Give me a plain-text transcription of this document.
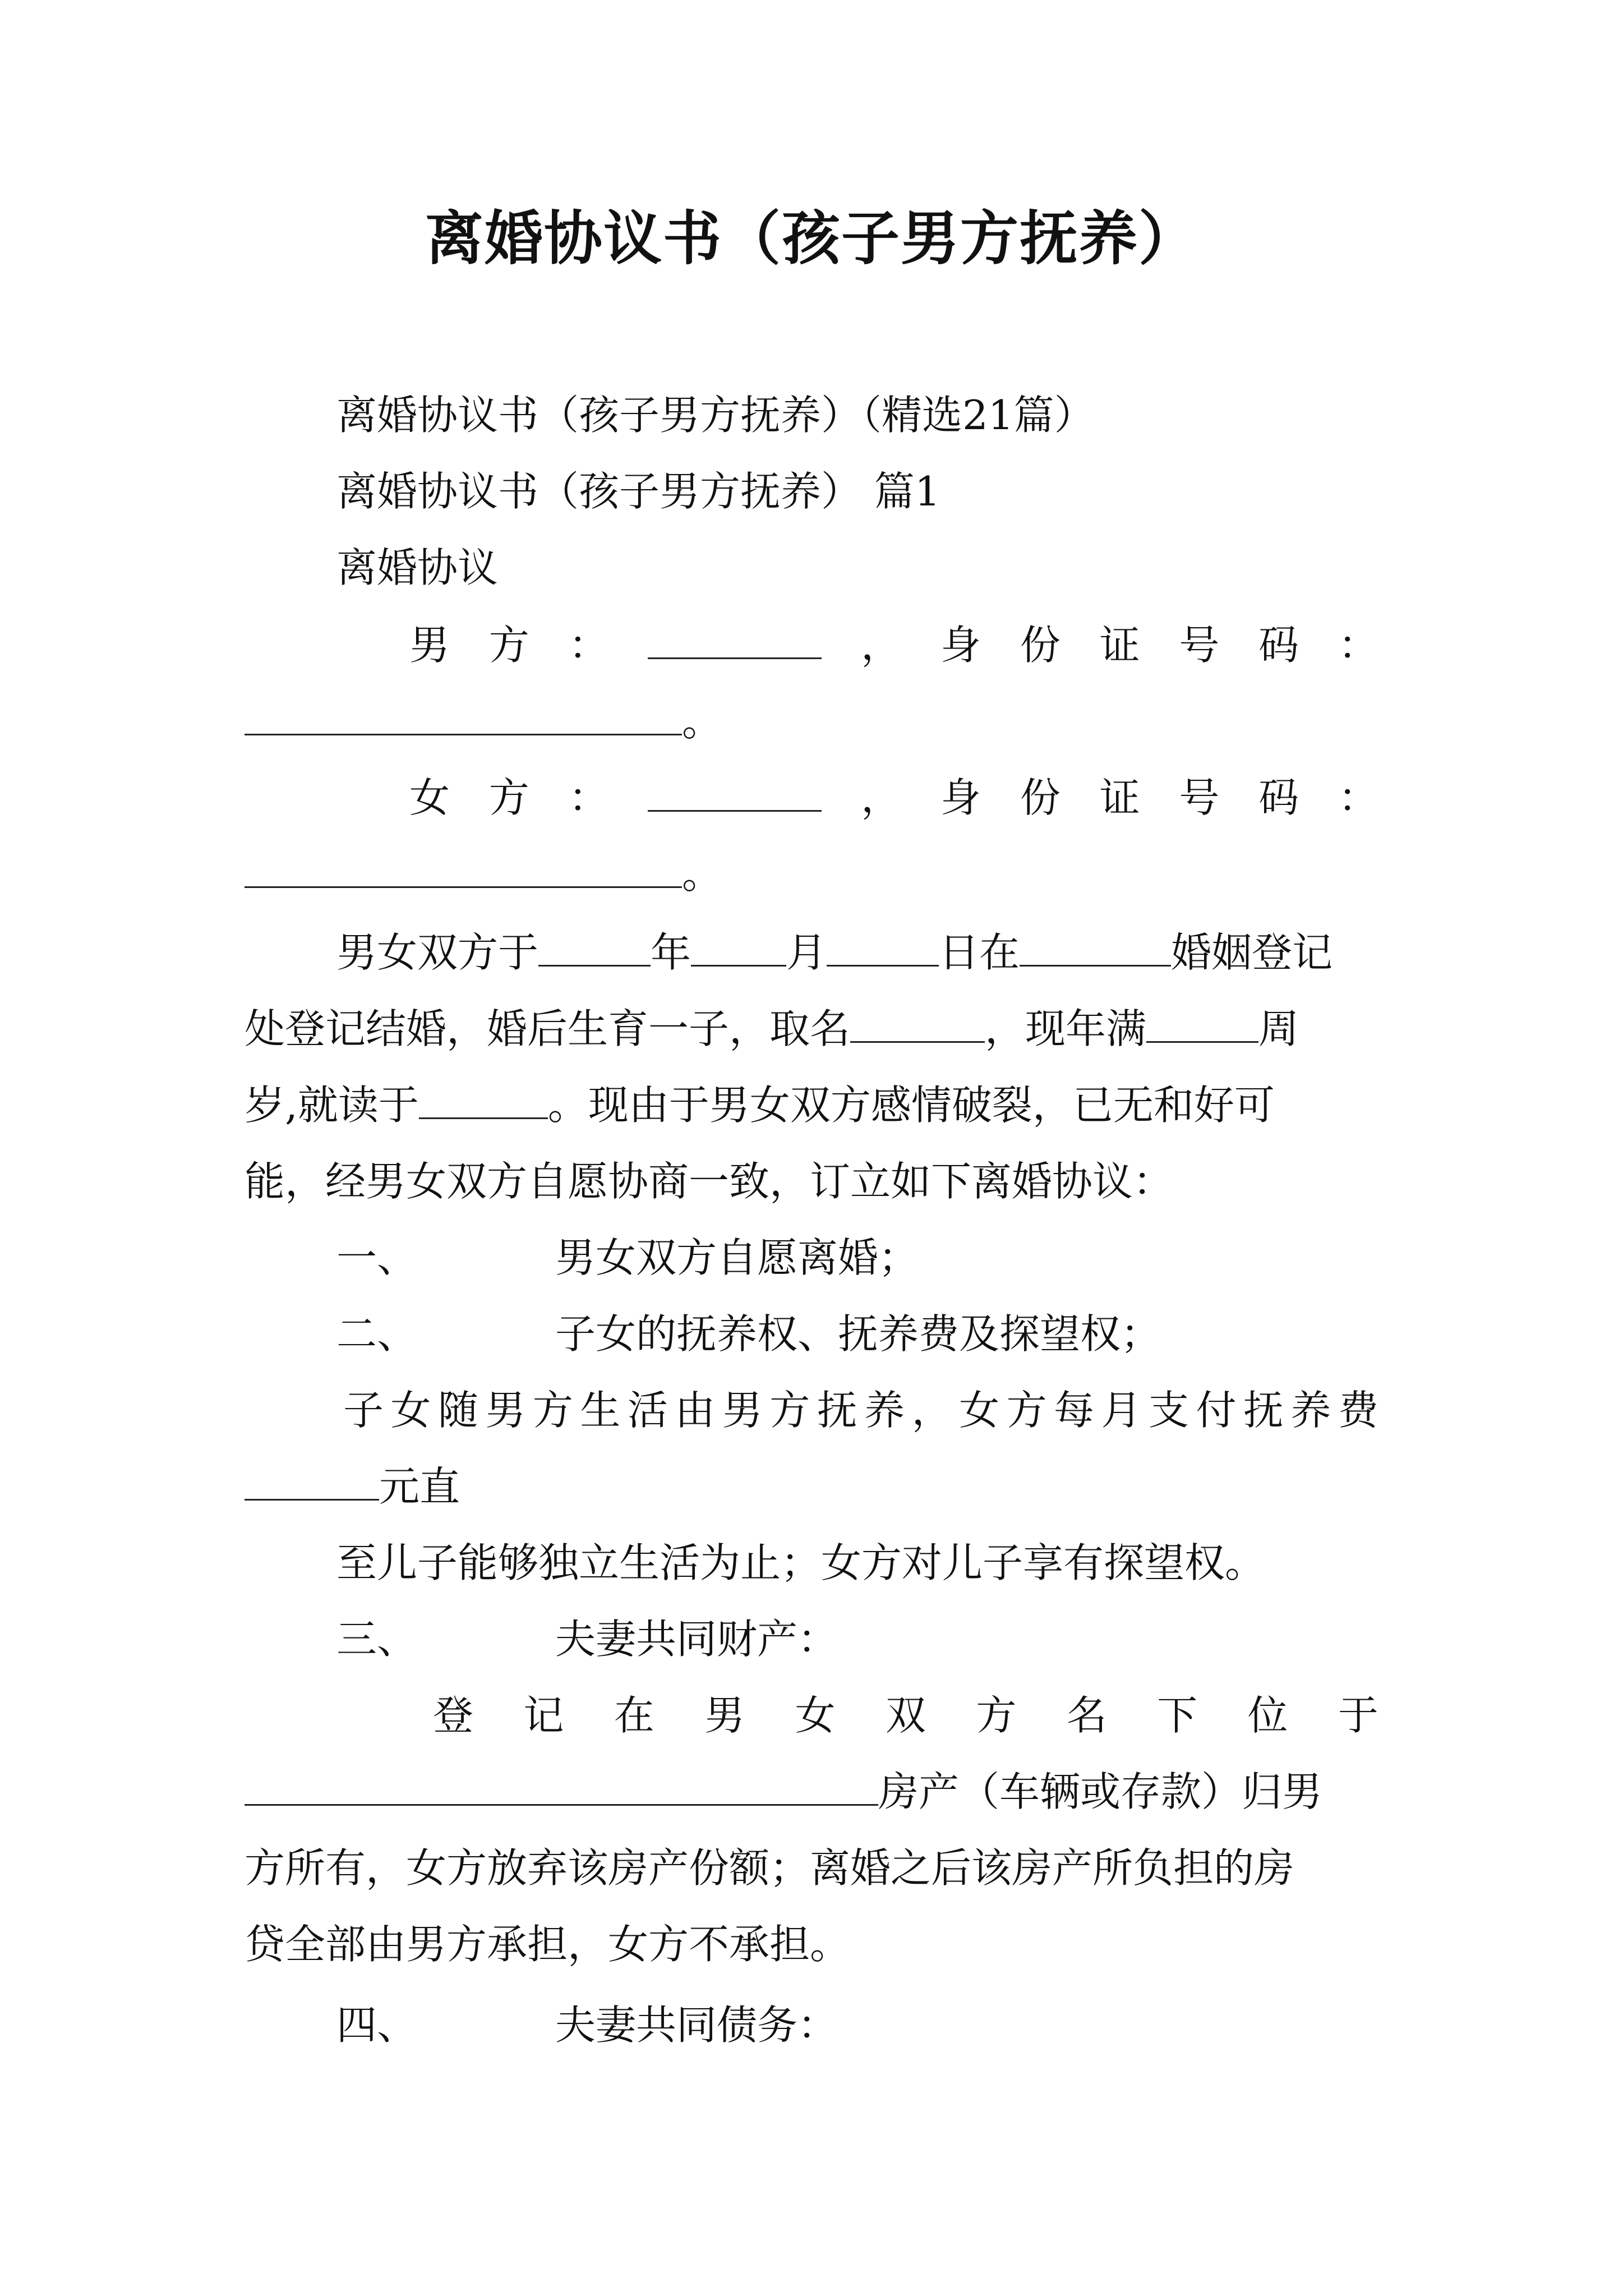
离婚协议书（孩子男方抚养）
离婚协议书（孩子男方抚养）（精选21篇）
离婚协议书（孩子男方抚养） 篇1
离婚协议
男 方 ：	， 身 份 证 号 码 ：
。
女 方 ：	， 身 份 证 号 码 ：
。
男女双方于	年 月	日在	婚姻登记
处登记结婚，婚后生育一子，取名	，现年满	周
岁,就读于	。现由于男女双方感情破裂，已无和好可
能，经男女双方自愿协商一致，订立如下离婚协议：
一、	男女双方自愿离婚；
二、	子女的抚养权、抚养费及探望权；
子 女 随 男 方 生 活 由 男 方 抚 养 ， 女 方 每 月 支 付 抚 养 费
元直
至儿子能够独立生活为止；女方对儿子享有探望权。
三、	夫妻共同财产：
登 记 在 男 女 双 方 名 下 位 于
房产（车辆或存款）归男
方所有，女方放弃该房产份额；离婚之后该房产所负担的房
贷全部由男方承担，女方不承担。
四、	夫妻共同债务：
